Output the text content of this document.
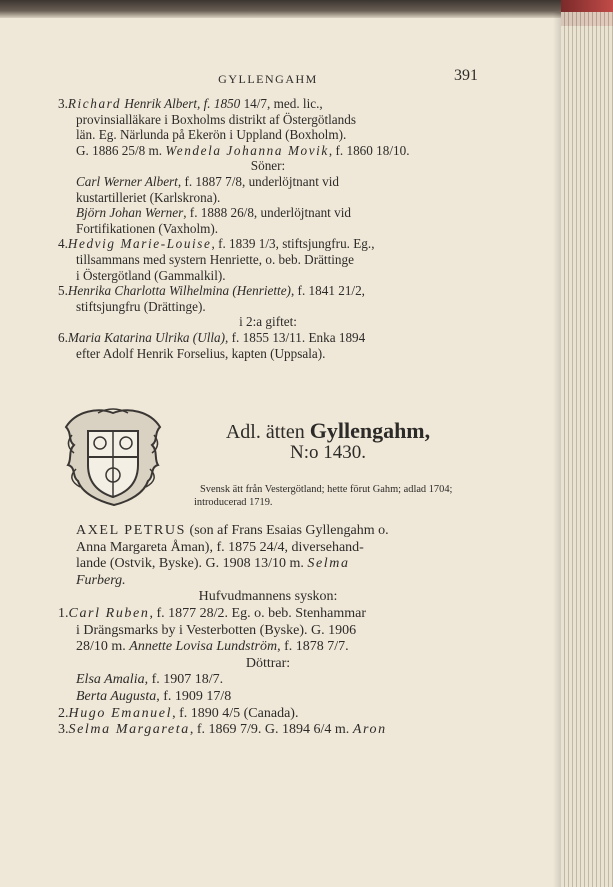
GYLLENGAHM	391

3.Richard Henrik Albert, f. 1850 14/7, med. lic.,
provinsialläkare i Boxholms distrikt af Östergötlands
län. Eg. Närlunda på Ekerön i Uppland (Boxholm).
G. 1886 25/8 m. Wendela Johanna Movik, f. 1860 18/10.

Söner:

Carl Werner Albert, f. 1887 7/8, underlöjtnant vid
kustartilleriet (Karlskrona).

Björn Johan Werner, f. 1888 26/8, underlöjtnant vid
Fortifikationen (Vaxholm).

4.Hedvig Marie-Louise, f. 1839 1/3, stiftsjungfru. Eg.,
tillsammans med systern Henriette, o. beb. Drättinge
i Östergötland (Gammalkil).

5.Henrika Charlotta Wilhelmina (Henriette), f. 1841 21/2,
stiftsjungfru (Drättinge).

i 2:a giftet:

6.Maria Katarina Ulrika (Ulla), f. 1855 13/11. Enka 1894
efter Adolf Henrik Forselius, kapten (Uppsala).

Adl. ätten Gyllengahm,
N:o 1430.
Svensk ätt från Vestergötland; hette förut Gahm; adlad 1704; introducerad 1719.

AXEL PETRUS (son af Frans Esaias Gyllengahm o.
Anna Margareta Åman), f. 1875 24/4, diversehand-
lande (Ostvik, Byske). G. 1908 13/10 m. Selma
Furberg.

Hufvudmannens syskon:

1.Carl Ruben, f. 1877 28/2. Eg. o. beb. Stenhammar
i Drängsmarks by i Vesterbotten (Byske). G. 1906
28/10 m. Annette Lovisa Lundström, f. 1878 7/7.

Döttrar:

Elsa Amalia, f. 1907 18/7.

Berta Augusta, f. 1909 17/8

2.Hugo Emanuel, f. 1890 4/5 (Canada).

3.Selma Margareta, f. 1869 7/9. G. 1894 6/4 m. Aron
